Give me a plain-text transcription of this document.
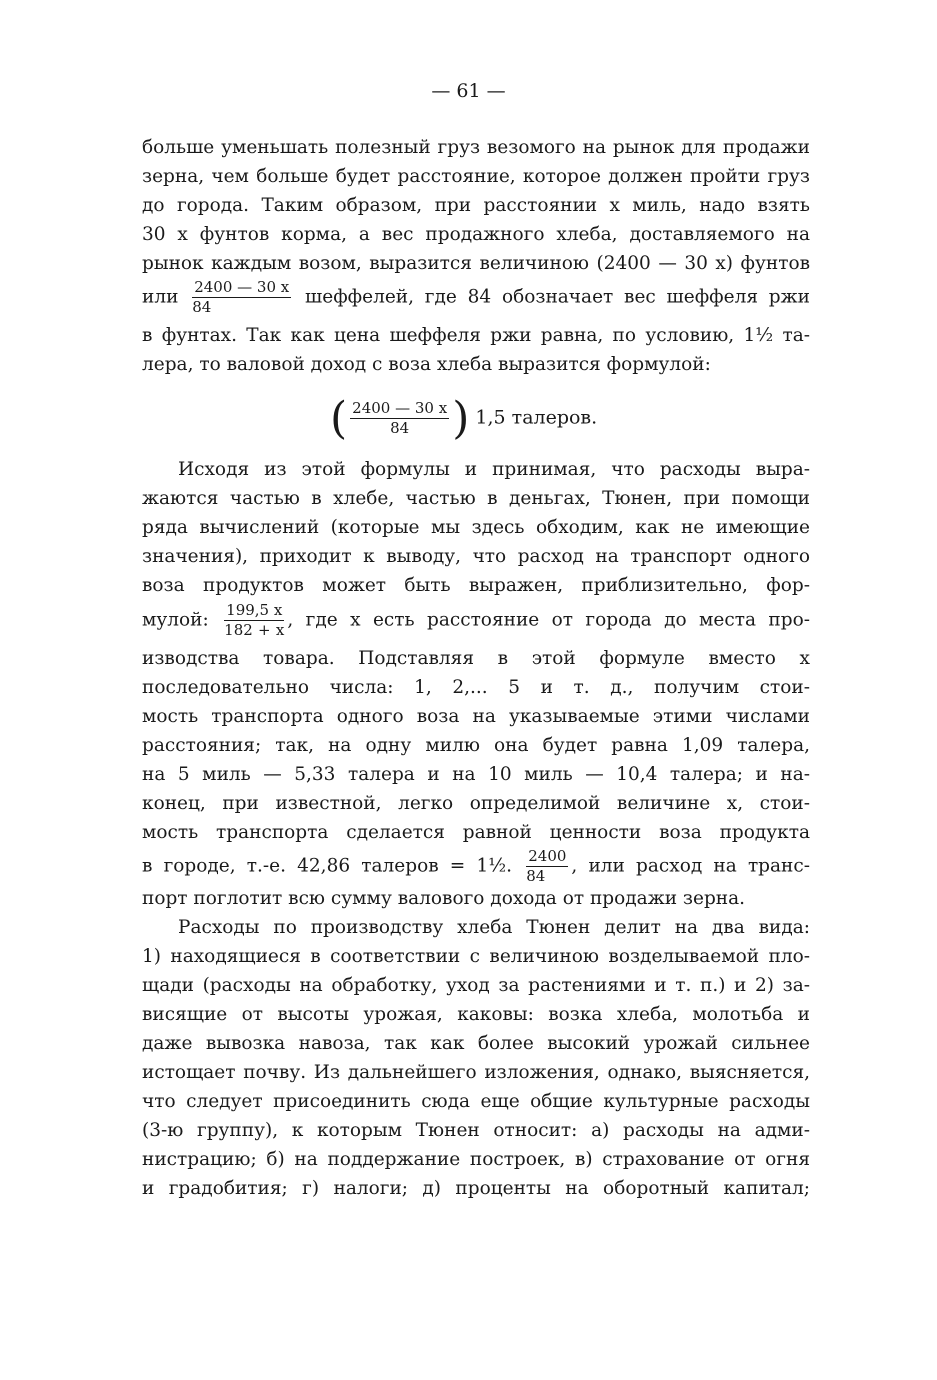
— 61 —
больше уменьшать полезный груз везомого на рынок для продажи
зерна, чем больше будет расстояние, которое должен пройти груз
до города. Таким образом, при расстоянии x миль, надо взять
30 x фунтов корма, а вес продажного хлеба, доставляемого на
рынок каждым возом, выразится величиною (2400 — 30 x) фунтов
или $\frac{2400 — 30 x}{84}$ шеффелей, где 84 обозначает вес шеффеля ржи
в фунтах. Так как цена шеффеля ржи равна, по условию, 1½ та-
лера, то валовой доход с воза хлеба выразится формулой:
( $\frac{2400 — 30 x}{84}$ ) 1,5 талеров.
Исходя из этой формулы и принимая, что расходы выра-
жаются частью в хлебе, частью в деньгах, Тюнен, при помощи
ряда вычислений (которые мы здесь обходим, как не имеющие
значения), приходит к выводу, что расход на транспорт одного
воза продуктов может быть выражен, приблизительно, фор-
мулой: $\frac{199,5 x}{182 + x}$ , где x есть расстояние от города до места про-
изводства товара. Подставляя в этой формуле вместо x
последовательно числа: 1, 2,... 5 и т. д., получим стои-
мость транспорта одного воза на указываемые этими числами
расстояния; так, на одну милю она будет равна 1,09 талера,
на 5 миль — 5,33 талера и на 10 миль — 10,4 талера; и на-
конец, при известной, легко определимой величине x, стои-
мость транспорта сделается равной ценности воза продукта
в городе, т.-е. 42,86 талеров = 1½. $\frac{2400}{84}$ , или расход на транс-
порт поглотит всю сумму валового дохода от продажи зерна.
Расходы по производству хлеба Тюнен делит на два вида:
1) находящиеся в соответствии с величиною возделываемой пло-
щади (расходы на обработку, уход за растениями и т. п.) и 2) за-
висящие от высоты урожая, каковы: возка хлеба, молотьба и
даже вывозка навоза, так как более высокий урожай сильнее
истощает почву. Из дальнейшего изложения, однако, выясняется,
что следует присоединить сюда еще общие культурные расходы
(3-ю группу), к которым Тюнен относит: а) расходы на адми-
нистрацию; б) на поддержание построек, в) страхование от огня
и градобития; г) налоги; д) проценты на оборотный капитал;
